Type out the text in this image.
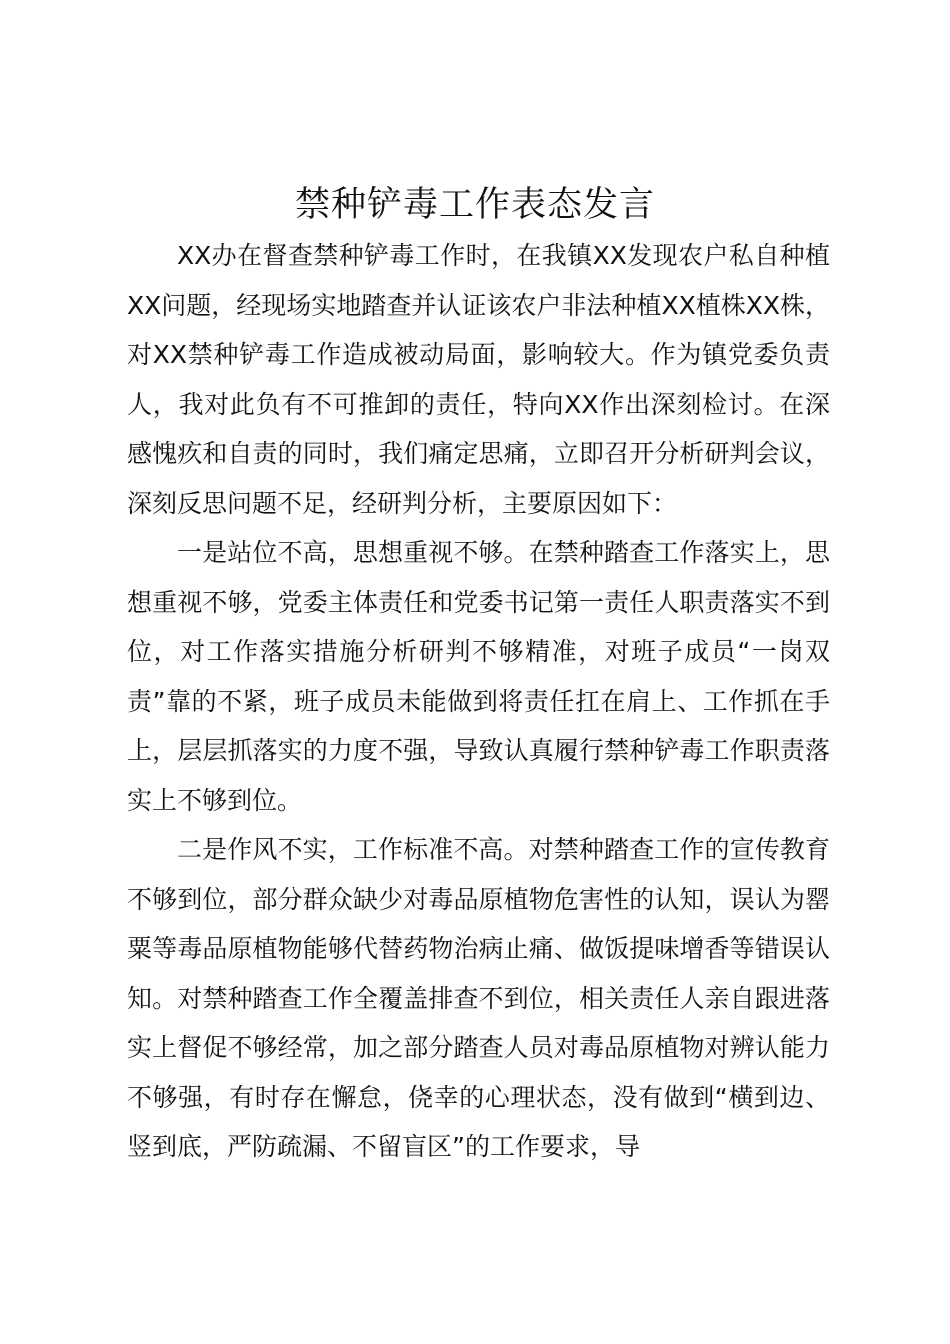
禁种铲毒工作表态发言

XX办在督查禁种铲毒工作时，在我镇XX发现农户私自种植XX问题，经现场实地踏查并认证该农户非法种植XX植株XX株，对XX禁种铲毒工作造成被动局面，影响较大。作为镇党委负责人，我对此负有不可推卸的责任，特向XX作出深刻检讨。在深感愧疚和自责的同时，我们痛定思痛，立即召开分析研判会议，深刻反思问题不足，经研判分析，主要原因如下：

一是站位不高，思想重视不够。在禁种踏查工作落实上，思想重视不够，党委主体责任和党委书记第一责任人职责落实不到位，对工作落实措施分析研判不够精准，对班子成员“一岗双责”靠的不紧，班子成员未能做到将责任扛在肩上、工作抓在手上，层层抓落实的力度不强，导致认真履行禁种铲毒工作职责落实上不够到位。

二是作风不实，工作标准不高。对禁种踏查工作的宣传教育不够到位，部分群众缺少对毒品原植物危害性的认知，误认为罂粟等毒品原植物能够代替药物治病止痛、做饭提味增香等错误认知。对禁种踏查工作全覆盖排查不到位，相关责任人亲自跟进落实上督促不够经常，加之部分踏查人员对毒品原植物对辨认能力不够强，有时存在懈怠，侥幸的心理状态，没有做到“横到边、竖到底，严防疏漏、不留盲区”的工作要求，导
